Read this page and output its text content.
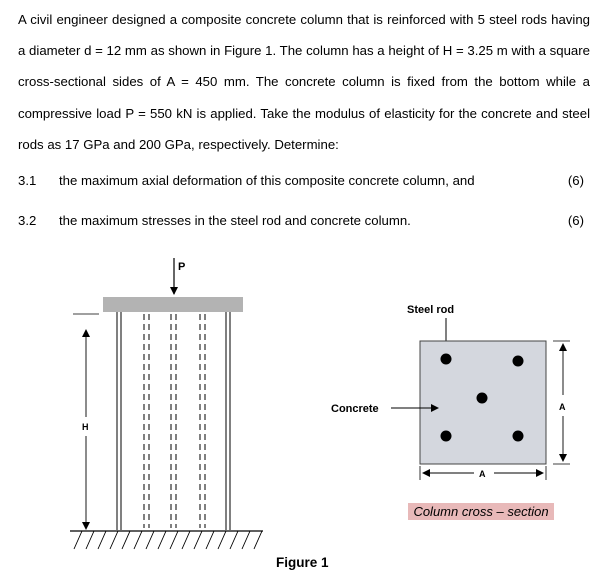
A civil engineer designed a composite concrete column that is reinforced with 5 steel rods having a diameter d = 12 mm as shown in Figure 1. The column has a height of H = 3.25 m with a square cross-sectional sides of A = 450 mm. The concrete column is fixed from the bottom while a compressive load P = 550 kN is applied. Take the modulus of elasticity for the concrete and steel rods as 17 GPa and 200 GPa, respectively. Determine:
3.1 the maximum axial deformation of this composite concrete column, and	(6)
3.2 the maximum stresses in the steel rod and concrete column.	(6)
P
H
Steel rod
Concrete	A
A
Column cross – section
Figure 1
